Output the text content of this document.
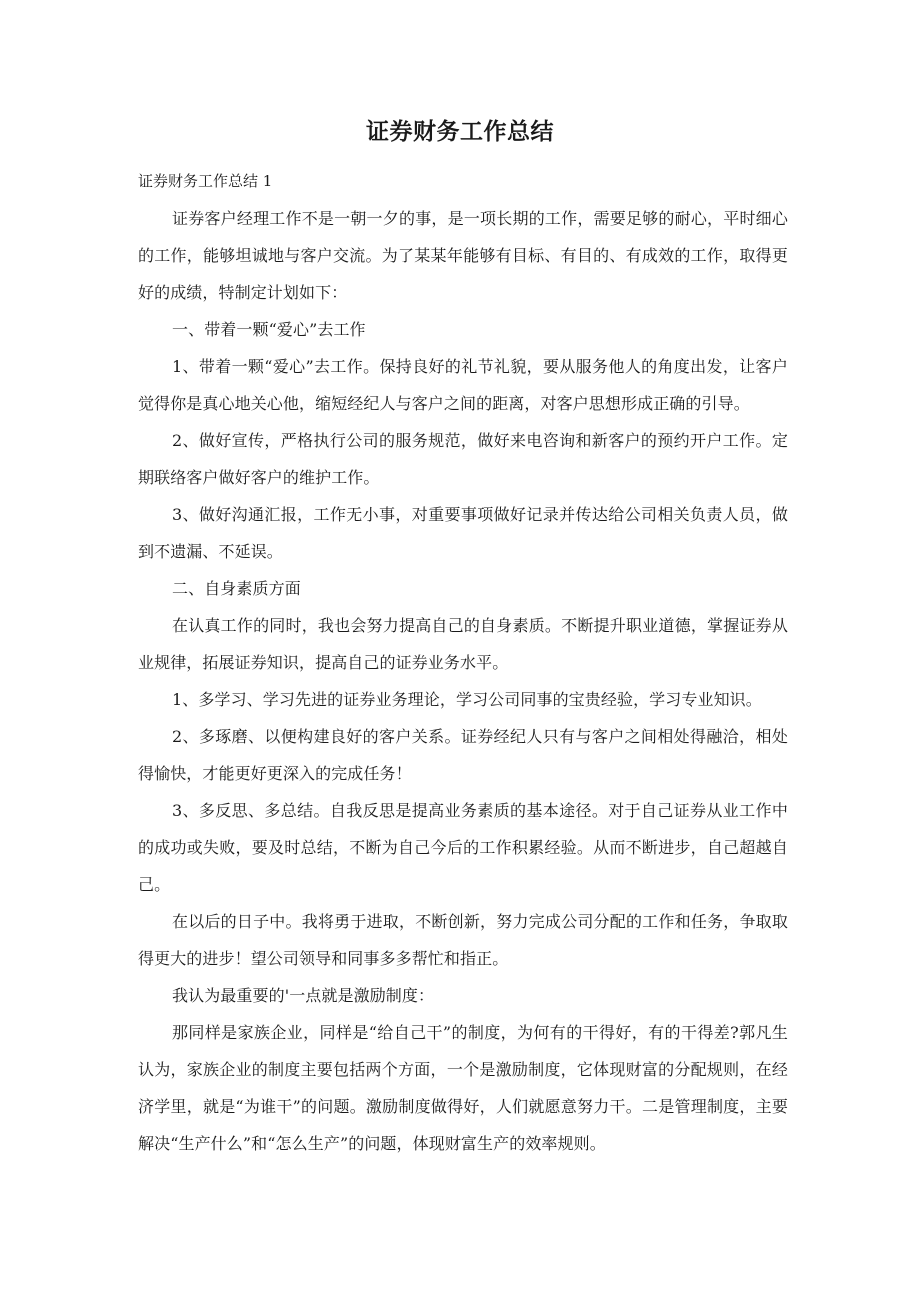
证券财务工作总结

证券财务工作总结 1

证券客户经理工作不是一朝一夕的事，是一项长期的工作，需要足够的耐心，平时细心的工作，能够坦诚地与客户交流。为了某某年能够有目标、有目的、有成效的工作，取得更好的成绩，特制定计划如下：

一、带着一颗“爱心”去工作

1、带着一颗“爱心”去工作。保持良好的礼节礼貌，要从服务他人的角度出发，让客户觉得你是真心地关心他，缩短经纪人与客户之间的距离，对客户思想形成正确的引导。

2、做好宣传，严格执行公司的服务规范，做好来电咨询和新客户的预约开户工作。定期联络客户做好客户的维护工作。

3、做好沟通汇报，工作无小事，对重要事项做好记录并传达给公司相关负责人员，做到不遗漏、不延误。

二、自身素质方面

在认真工作的同时，我也会努力提高自己的自身素质。不断提升职业道德，掌握证券从业规律，拓展证券知识，提高自己的证券业务水平。

1、多学习、学习先进的证券业务理论，学习公司同事的宝贵经验，学习专业知识。

2、多琢磨、以便构建良好的客户关系。证券经纪人只有与客户之间相处得融洽，相处得愉快，才能更好更深入的完成任务！

3、多反思、多总结。自我反思是提高业务素质的基本途径。对于自己证券从业工作中的成功或失败，要及时总结，不断为自己今后的工作积累经验。从而不断进步，自己超越自己。

在以后的日子中。我将勇于进取，不断创新，努力完成公司分配的工作和任务，争取取得更大的进步！望公司领导和同事多多帮忙和指正。

我认为最重要的'一点就是激励制度：

那同样是家族企业，同样是“给自己干”的制度，为何有的干得好，有的干得差?郭凡生认为，家族企业的制度主要包括两个方面，一个是激励制度，它体现财富的分配规则，在经济学里，就是“为谁干”的问题。激励制度做得好，人们就愿意努力干。二是管理制度，主要解决“生产什么”和“怎么生产”的问题，体现财富生产的效率规则。
